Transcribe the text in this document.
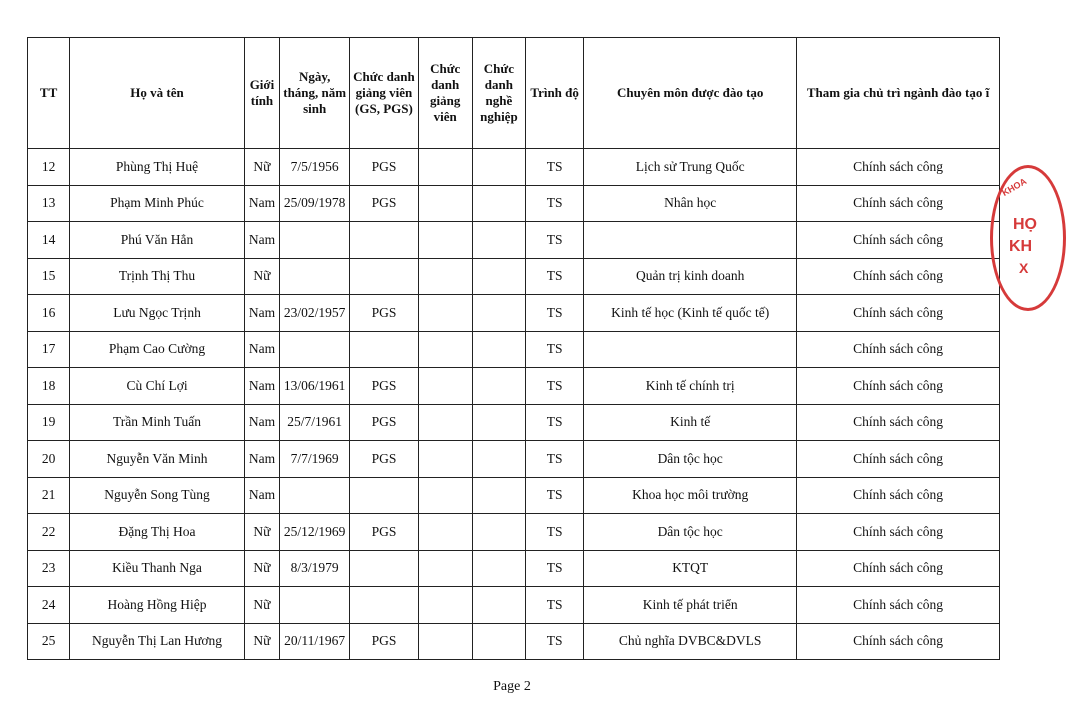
TT	Họ và tên	Giới tính	Ngày, tháng, năm sinh	Chức danh giảng viên (GS, PGS)	Chức danh giảng viên	Chức danh nghề nghiệp	Trình độ	Chuyên môn được đào tạo	Tham gia chủ trì ngành đào tạo ĩ
12	Phùng Thị Huệ	Nữ	7/5/1956	PGS			TS	Lịch sử Trung Quốc	Chính sách công
13	Phạm Minh Phúc	Nam	25/09/1978	PGS			TS	Nhân học	Chính sách công
14	Phú Văn Hẳn	Nam					TS		Chính sách công
15	Trịnh Thị Thu	Nữ					TS	Quản trị kinh doanh	Chính sách công
16	Lưu Ngọc Trịnh	Nam	23/02/1957	PGS			TS	Kinh tế học (Kinh tế quốc tế)	Chính sách công
17	Phạm Cao Cường	Nam					TS		Chính sách công
18	Cù Chí Lợi	Nam	13/06/1961	PGS			TS	Kinh tế chính trị	Chính sách công
19	Trần Minh Tuấn	Nam	25/7/1961	PGS			TS	Kinh tế	Chính sách công
20	Nguyễn Văn Minh	Nam	7/7/1969	PGS			TS	Dân tộc học	Chính sách công
21	Nguyễn Song Tùng	Nam					TS	Khoa học môi trường	Chính sách công
22	Đặng Thị Hoa	Nữ	25/12/1969	PGS			TS	Dân tộc học	Chính sách công
23	Kiều Thanh Nga	Nữ	8/3/1979				TS	KTQT	Chính sách công
24	Hoàng Hồng Hiệp	Nữ					TS	Kinh tế phát triển	Chính sách công
25	Nguyễn Thị Lan Hương	Nữ	20/11/1967	PGS			TS	Chủ nghĩa DVBC&DVLS	Chính sách công
KHOA
HỌ
KH
X
Page 2
